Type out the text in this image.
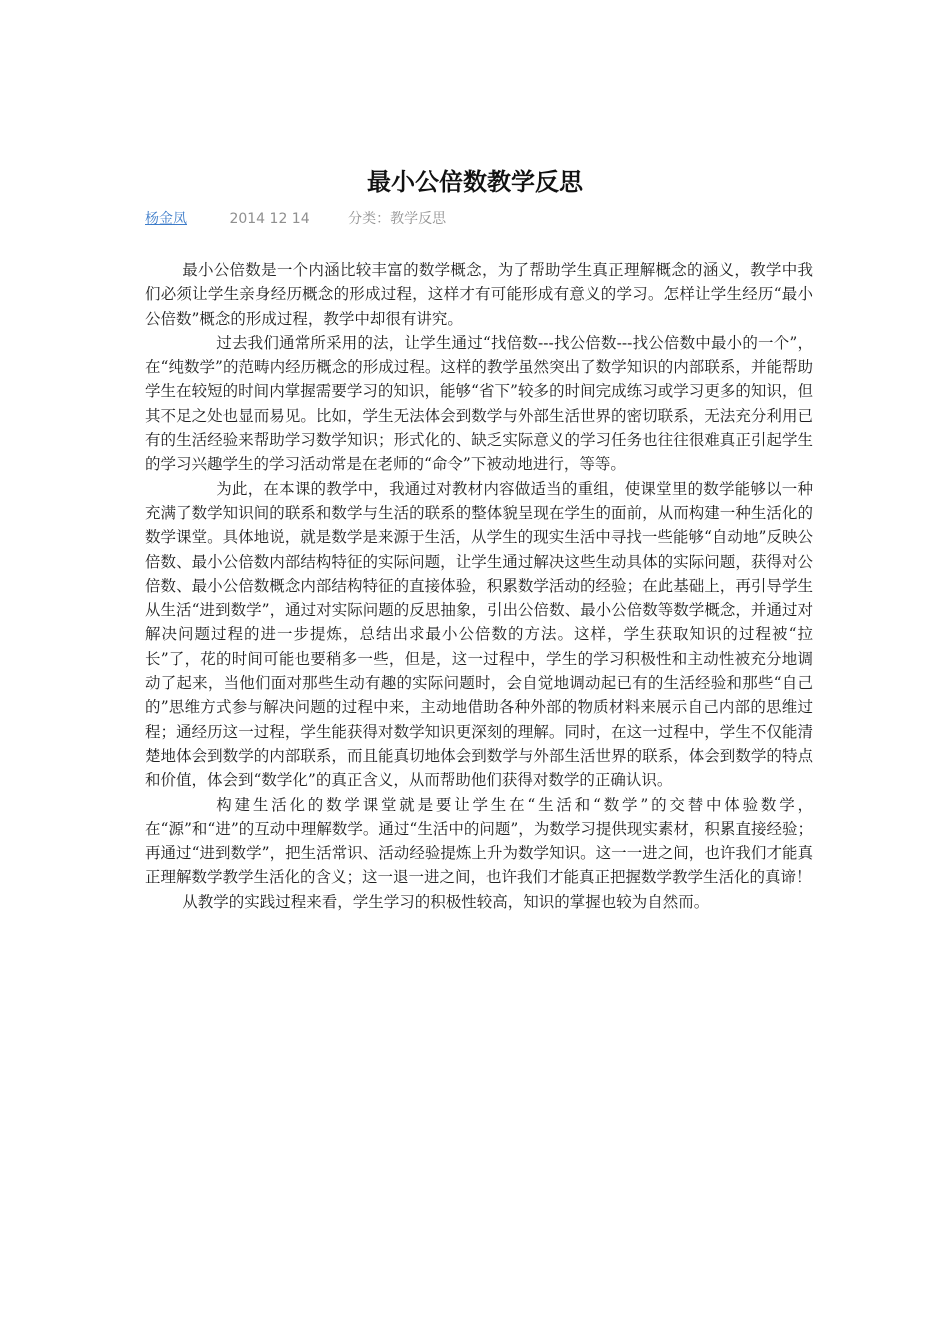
最小公倍数教学反思
杨金凤	2014 12 14	分类：教学反思

最小公倍数是一个内涵比较丰富的数学概念，为了帮助学生真正理解概念的涵义，教学中我们必须让学生亲身经历概念的形成过程，这样才有可能形成有意义的学习。怎样让学生经历“最小公倍数”概念的形成过程，教学中却很有讲究。

过去我们通常所采用的法，让学生通过“找倍数---找公倍数---找公倍数中最小的一个”，在“纯数学”的范畴内经历概念的形成过程。这样的教学虽然突出了数学知识的内部联系，并能帮助学生在较短的时间内掌握需要学习的知识，能够“省下”较多的时间完成练习或学习更多的知识，但其不足之处也显而易见。比如，学生无法体会到数学与外部生活世界的密切联系，无法充分利用已有的生活经验来帮助学习数学知识；形式化的、缺乏实际意义的学习任务也往往很难真正引起学生的学习兴趣学生的学习活动常是在老师的“命令”下被动地进行，等等。

为此，在本课的教学中，我通过对教材内容做适当的重组，使课堂里的数学能够以一种充满了数学知识间的联系和数学与生活的联系的整体貌呈现在学生的面前，从而构建一种生活化的数学课堂。具体地说，就是数学是来源于生活，从学生的现实生活中寻找一些能够“自动地”反映公倍数、最小公倍数内部结构特征的实际问题，让学生通过解决这些生动具体的实际问题，获得对公倍数、最小公倍数概念内部结构特征的直接体验，积累数学活动的经验；在此基础上，再引导学生从生活“进到数学”，通过对实际问题的反思抽象，引出公倍数、最小公倍数等数学概念，并通过对解决问题过程的进一步提炼，总结出求最小公倍数的方法。这样，学生获取知识的过程被“拉长”了，花的时间可能也要稍多一些，但是，这一过程中，学生的学习积极性和主动性被充分地调动了起来，当他们面对那些生动有趣的实际问题时，会自觉地调动起已有的生活经验和那些“自己的”思维方式参与解决问题的过程中来，主动地借助各种外部的物质材料来展示自己内部的思维过程；通经历这一过程，学生能获得对数学知识更深刻的理解。同时，在这一过程中，学生不仅能清楚地体会到数学的内部联系，而且能真切地体会到数学与外部生活世界的联系，体会到数学的特点和价值，体会到“数学化”的真正含义，从而帮助他们获得对数学的正确认识。

构建生活化的数学课堂就是要让学生在“生活和“数学”的交替中体验数学，在“源”和“进”的互动中理解数学。通过“生活中的问题”，为数学习提供现实素材，积累直接经验；再通过“进到数学”，把生活常识、活动经验提炼上升为数学知识。这一一进之间，也许我们才能真正理解数学教学生活化的含义；这一退一进之间，也许我们才能真正把握数学教学生活化的真谛！

从教学的实践过程来看，学生学习的积极性较高，知识的掌握也较为自然而。
